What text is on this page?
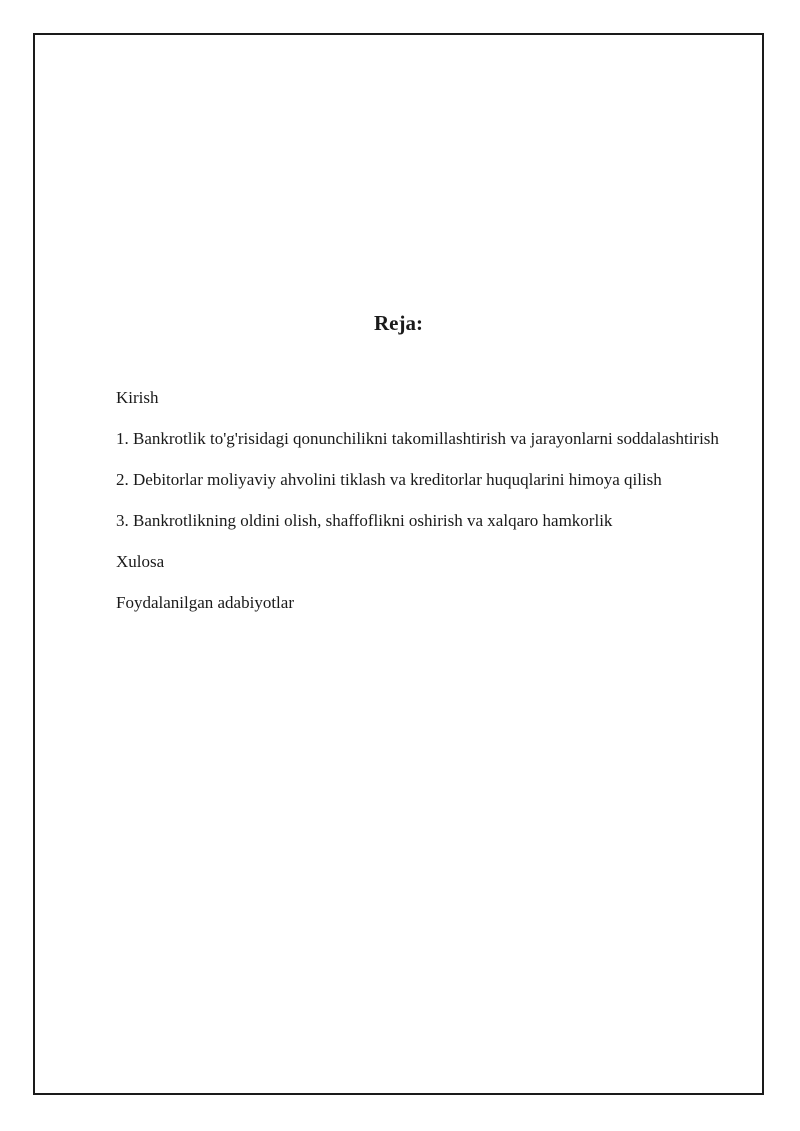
Reja:
Kirish
1. Bankrotlik to'g'risidagi qonunchilikni takomillashtirish va jarayonlarni soddalashtirish
2. Debitorlar moliyaviy ahvolini tiklash va kreditorlar huquqlarini himoya qilish
3. Bankrotlikning oldini olish, shaffoflikni oshirish va xalqaro hamkorlik
Xulosa
Foydalanilgan adabiyotlar
